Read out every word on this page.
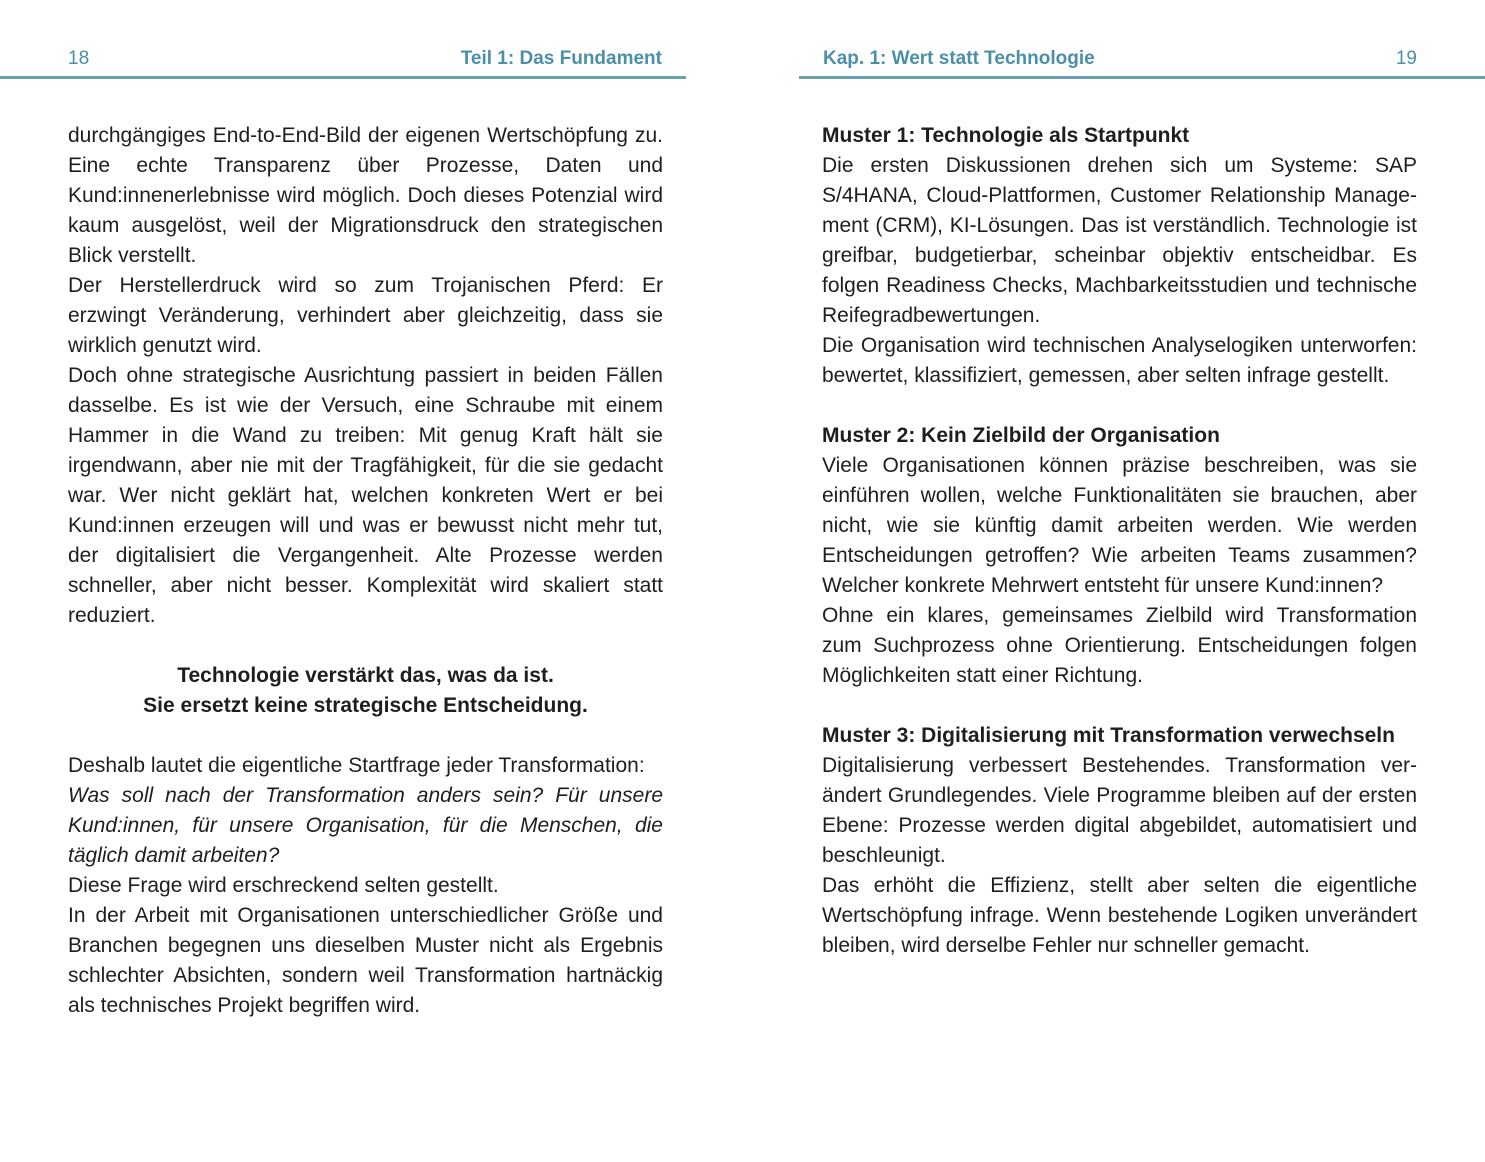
18	Teil 1: Das Fundament

durchgängiges End-to-End-Bild der eigenen Wertschöpfung zu. Eine echte Transparenz über Prozesse, Daten und Kund:innenerlebnisse wird möglich. Doch dieses Potenzial wird kaum ausgelöst, weil der Migrationsdruck den strategischen Blick verstellt.

Der Herstellerdruck wird so zum Trojanischen Pferd: Er erzwingt Veränderung, verhindert aber gleichzeitig, dass sie wirklich genutzt wird.

Doch ohne strategische Ausrichtung passiert in beiden Fällen dasselbe. Es ist wie der Versuch, eine Schraube mit einem Hammer in die Wand zu treiben: Mit genug Kraft hält sie irgendwann, aber nie mit der Tragfähigkeit, für die sie gedacht war. Wer nicht geklärt hat, welchen konkreten Wert er bei Kund:innen erzeugen will und was er bewusst nicht mehr tut, der digitalisiert die Vergangenheit. Alte Prozesse werden schneller, aber nicht besser. Komplexität wird skaliert statt reduziert.

Technologie verstärkt das, was da ist.

Sie ersetzt keine strategische Entscheidung.

Deshalb lautet die eigentliche Startfrage jeder Transformation:

Was soll nach der Transformation anders sein? Für unsere Kund:innen, für unsere Organisation, für die Menschen, die täglich damit arbeiten?

Diese Frage wird erschreckend selten gestellt.

In der Arbeit mit Organisationen unterschiedlicher Größe und Branchen begegnen uns dieselben Muster nicht als Ergebnis schlechter Absichten, sondern weil Transformation hartnäckig als technisches Projekt begriffen wird.

Kap. 1: Wert statt Technologie	19

Muster 1: Technologie als Startpunkt

Die ersten Diskussionen drehen sich um Systeme: SAP S/4HANA, Cloud-Plattformen, Customer Relationship Management (CRM), KI-Lösungen. Das ist verständlich. Technologie ist greifbar, budgetierbar, scheinbar objektiv entscheidbar. Es folgen Readiness Checks, Machbarkeitsstudien und technische Reifegradbewertungen.

Die Organisation wird technischen Analyselogiken unterworfen: bewertet, klassifiziert, gemessen, aber selten infrage gestellt.

Muster 2: Kein Zielbild der Organisation

Viele Organisationen können präzise beschreiben, was sie einführen wollen, welche Funktionalitäten sie brauchen, aber nicht, wie sie künftig damit arbeiten werden. Wie werden Entscheidungen getroffen? Wie arbeiten Teams zusammen? Welcher konkrete Mehrwert entsteht für unsere Kund:innen?

Ohne ein klares, gemeinsames Zielbild wird Transformation zum Suchprozess ohne Orientierung. Entscheidungen folgen Möglichkeiten statt einer Richtung.

Muster 3: Digitalisierung mit Transformation verwechseln

Digitalisierung verbessert Bestehendes. Transformation verändert Grundlegendes. Viele Programme bleiben auf der ersten Ebene: Prozesse werden digital abgebildet, automatisiert und beschleunigt.

Das erhöht die Effizienz, stellt aber selten die eigentliche Wertschöpfung infrage. Wenn bestehende Logiken unverändert bleiben, wird derselbe Fehler nur schneller gemacht.
